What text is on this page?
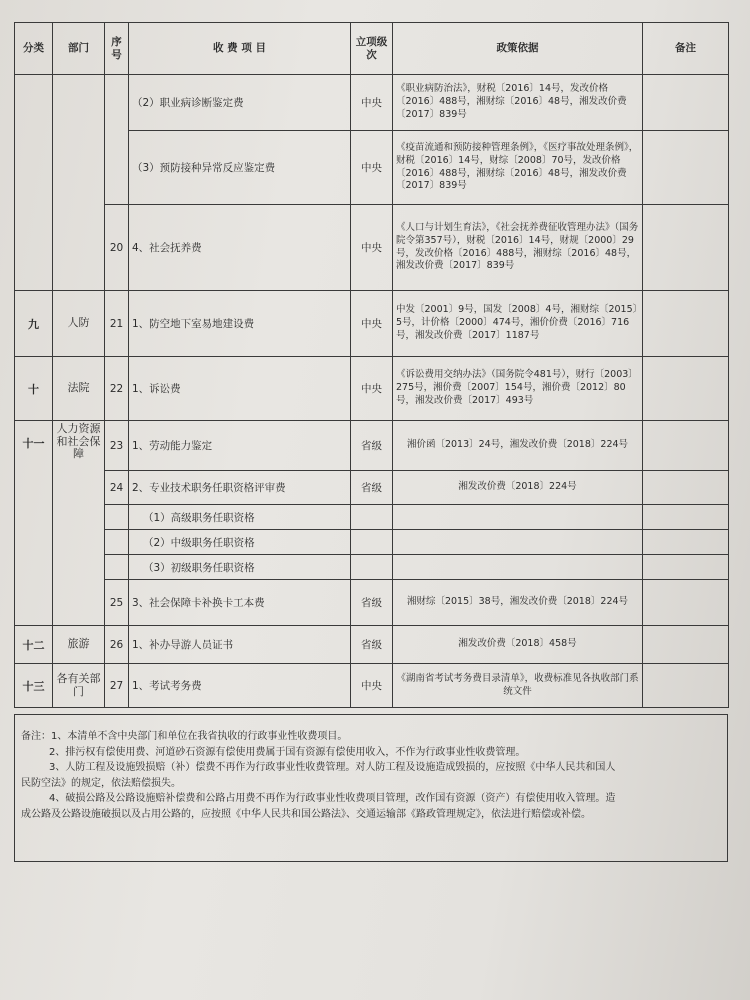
分类	部门	序号	收 费 项 目	立项级次	政策依据	备注
			（2）职业病诊断鉴定费	中央	《职业病防治法》，财税〔2016〕14号，发改价格〔2016〕488号，湘财综〔2016〕48号，湘发改价费〔2017〕839号	
			（3）预防接种异常反应鉴定费	中央	《疫苗流通和预防接种管理条例》，《医疗事故处理条例》，财税〔2016〕14号，财综〔2008〕70号，发改价格〔2016〕488号，湘财综〔2016〕48号，湘发改价费〔2017〕839号	
		20	4、社会抚养费	中央	《人口与计划生育法》，《社会抚养费征收管理办法》（国务院令第357号），财税〔2016〕14号，财规〔2000〕29号，发改价格〔2016〕488号，湘财综〔2016〕48号，湘发改价费〔2017〕839号	
九	人防	21	1、防空地下室易地建设费	中央	中发〔2001〕9号，国发〔2008〕4号，湘财综〔2015〕5号，计价格〔2000〕474号，湘价价费〔2016〕716号，湘发改价费〔2017〕1187号	
十	法院	22	1、诉讼费	中央	《诉讼费用交纳办法》（国务院令481号），财行〔2003〕275号，湘价费〔2007〕154号，湘价费〔2012〕80号，湘发改价费〔2017〕493号	
十一	人力资源和社会保障	23	1、劳动能力鉴定	省级	湘价函〔2013〕24号，湘发改价费〔2018〕224号	
		24	2、专业技术职务任职资格评审费	省级	湘发改价费〔2018〕224号	
			（1）高级职务任职资格			
			（2）中级职务任职资格			
			（3）初级职务任职资格			
		25	3、社会保障卡补换卡工本费	省级	湘财综〔2015〕38号，湘发改价费〔2018〕224号	
十二	旅游	26	1、补办导游人员证书	省级	湘发改价费〔2018〕458号	
十三	各有关部门	27	1、考试考务费	中央	《湖南省考试考务费目录清单》，收费标准见各执收部门系统文件	
备注：1、本清单不含中央部门和单位在我省执收的行政事业性收费项目。
2、排污权有偿使用费、河道砂石资源有偿使用费属于国有资源有偿使用收入，不作为行政事业性收费管理。
3、人防工程及设施毁损赔（补）偿费不再作为行政事业性收费管理。对人防工程及设施造成毁损的，应按照《中华人民共和国人
民防空法》的规定，依法赔偿损失。
4、破损公路及公路设施赔补偿费和公路占用费不再作为行政事业性收费项目管理，改作国有资源（资产）有偿使用收入管理。造
成公路及公路设施破损以及占用公路的，应按照《中华人民共和国公路法》、交通运输部《路政管理规定》，依法进行赔偿或补偿。
